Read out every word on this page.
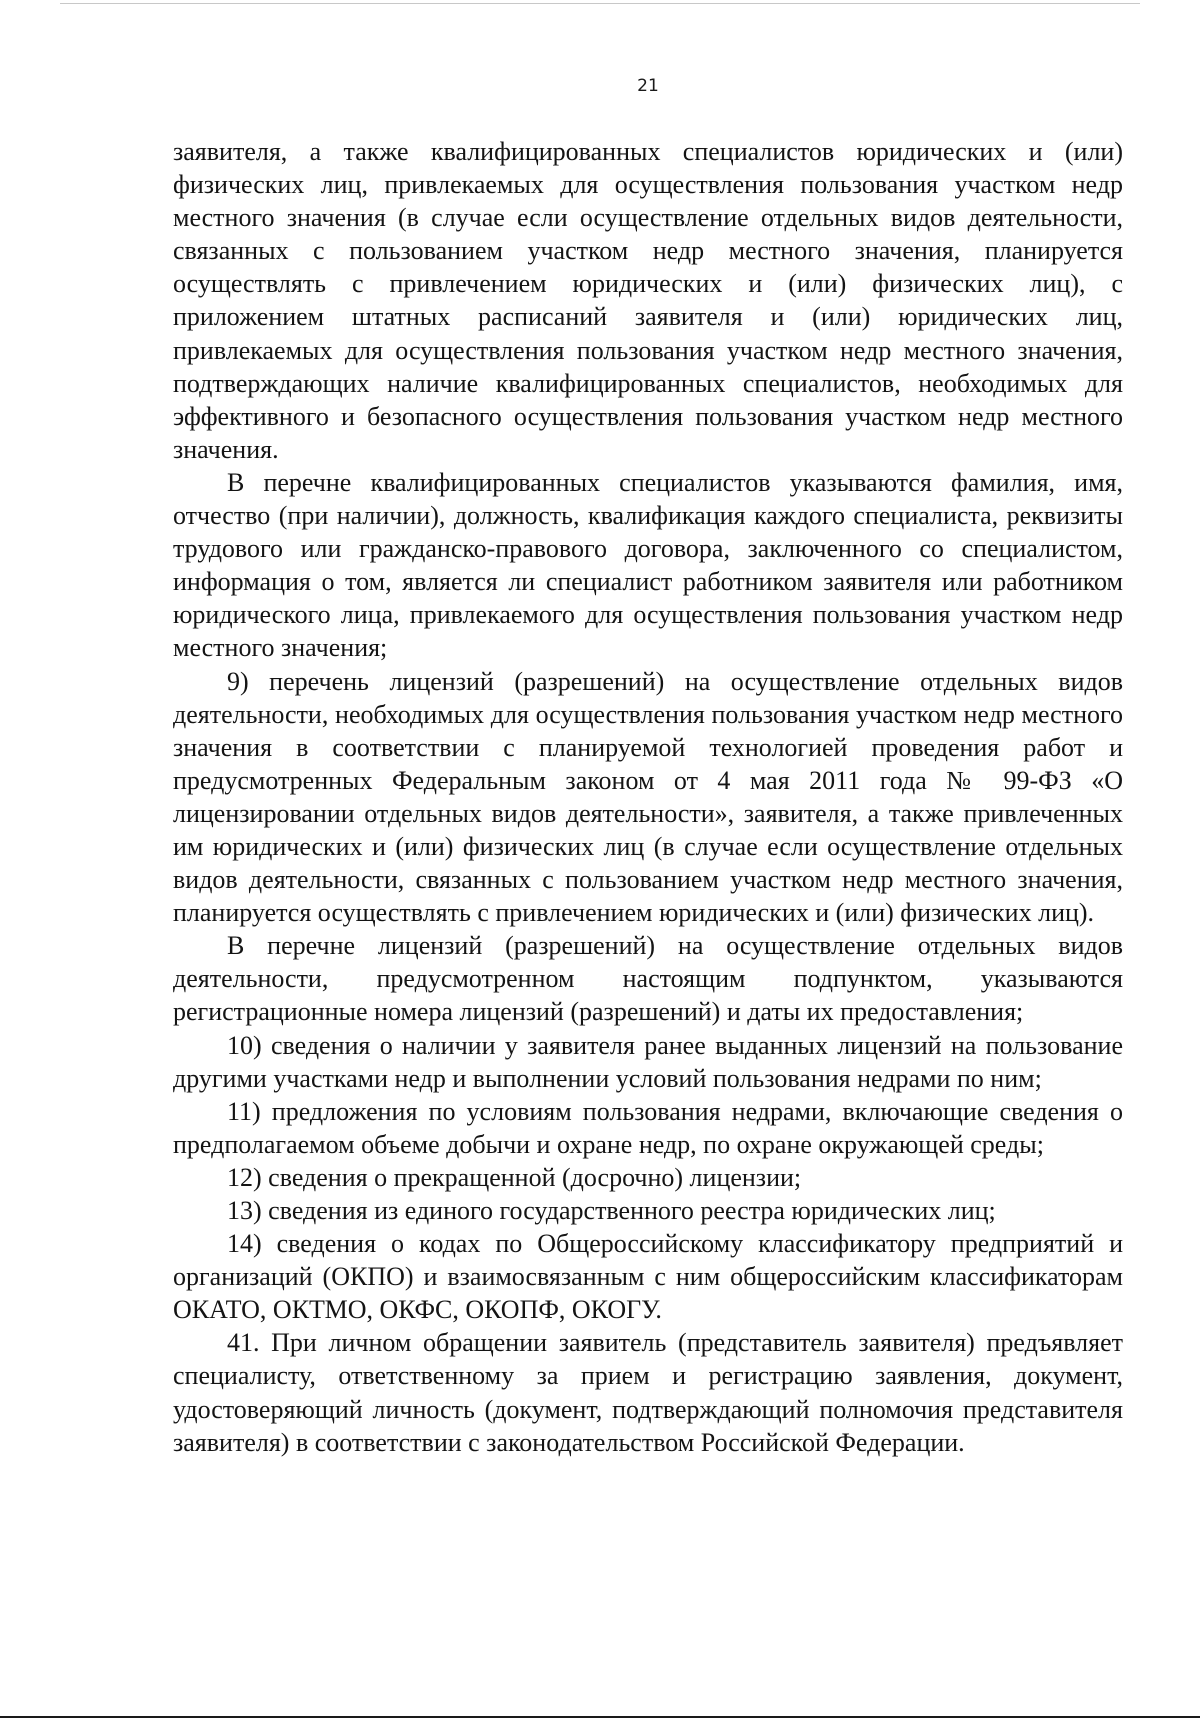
21

заявителя, а также квалифицированных специалистов юридических и (или) физических лиц, привлекаемых для осуществления пользования участком недр местного значения (в случае если осуществление отдельных видов деятельности, связанных с пользованием участком недр местного значения, планируется осуществлять с привлечением юридических и (или) физических лиц), с приложением штатных расписаний заявителя и (или) юридических лиц, привлекаемых для осуществления пользования участком недр местного значения, подтверждающих наличие квалифицированных специалистов, необходимых для эффективного и безопасного осуществления пользования участком недр местного значения.

В перечне квалифицированных специалистов указываются фамилия, имя, отчество (при наличии), должность, квалификация каждого специалиста, реквизиты трудового или гражданско-правового договора, заключенного со специалистом, информация о том, является ли специалист работником заявителя или работником юридического лица, привлекаемого для осуществления пользования участком недр местного значения;

9) перечень лицензий (разрешений) на осуществление отдельных видов деятельности, необходимых для осуществления пользования участком недр местного значения в соответствии с планируемой технологией проведения работ и предусмотренных Федеральным законом от 4 мая 2011 года № 99-ФЗ «О лицензировании отдельных видов деятельности», заявителя, а также привлеченных им юридических и (или) физических лиц (в случае если осуществление отдельных видов деятельности, связанных с пользованием участком недр местного значения, планируется осуществлять с привлечением юридических и (или) физических лиц).

В перечне лицензий (разрешений) на осуществление отдельных видов деятельности, предусмотренном настоящим подпунктом, указываются регистрационные номера лицензий (разрешений) и даты их предоставления;

10) сведения о наличии у заявителя ранее выданных лицензий на пользование другими участками недр и выполнении условий пользования недрами по ним;

11) предложения по условиям пользования недрами, включающие сведения о предполагаемом объеме добычи и охране недр, по охране окружающей среды;

12) сведения о прекращенной (досрочно) лицензии;

13) сведения из единого государственного реестра юридических лиц;

14) сведения о кодах по Общероссийскому классификатору предприятий и организаций (ОКПО) и взаимосвязанным с ним общероссийским классификаторам ОКАТО, ОКТМО, ОКФС, ОКОПФ, ОКОГУ.

41. При личном обращении заявитель (представитель заявителя) предъявляет специалисту, ответственному за прием и регистрацию заявления, документ, удостоверяющий личность (документ, подтверждающий полномочия представителя заявителя) в соответствии с законодательством Российской Федерации.
